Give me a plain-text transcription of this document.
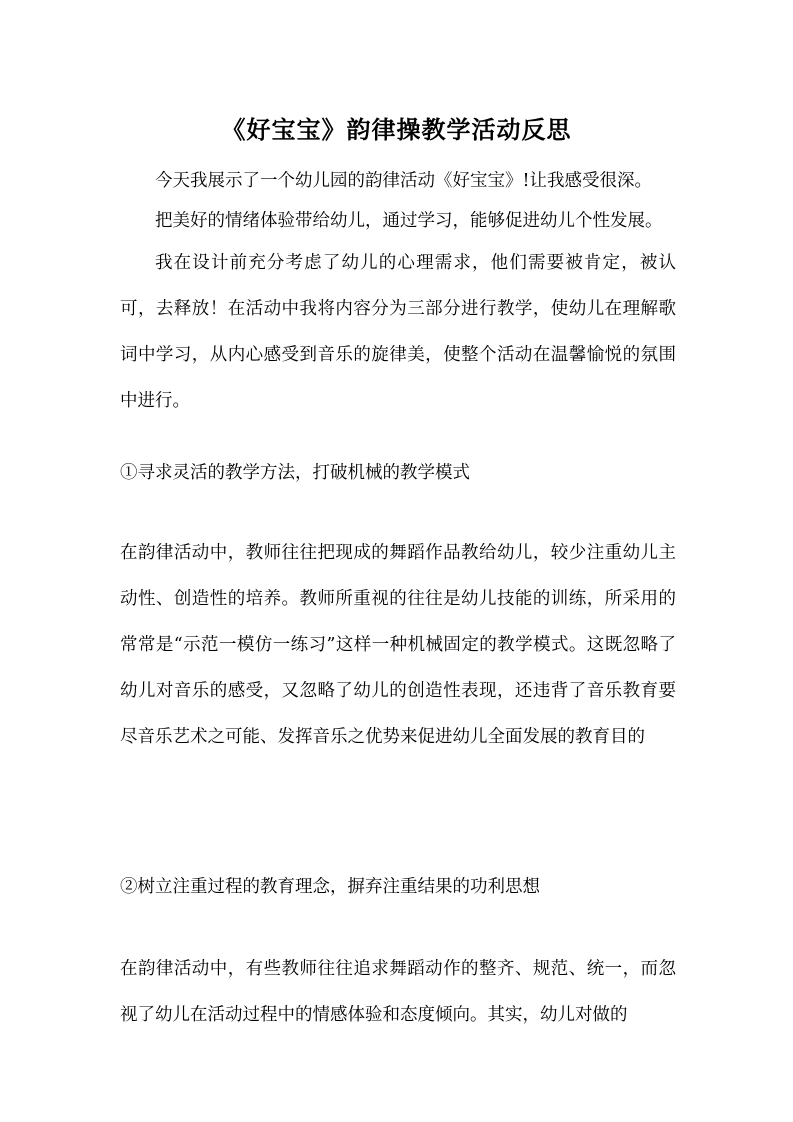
《好宝宝》韵律操教学活动反思
今天我展示了一个幼儿园的韵律活动《好宝宝》!让我感受很深。
把美好的情绪体验带给幼儿，通过学习，能够促进幼儿个性发展。
我在设计前充分考虑了幼儿的心理需求，他们需要被肯定，被认可，去释放！在活动中我将内容分为三部分进行教学，使幼儿在理解歌词中学习，从内心感受到音乐的旋律美，使整个活动在温馨愉悦的氛围中进行。
①寻求灵活的教学方法，打破机械的教学模式
在韵律活动中，教师往往把现成的舞蹈作品教给幼儿，较少注重幼儿主动性、创造性的培养。教师所重视的往往是幼儿技能的训练，所采用的常常是“示范一模仿一练习”这样一种机械固定的教学模式。这既忽略了幼儿对音乐的感受，又忽略了幼儿的创造性表现，还违背了音乐教育要尽音乐艺术之可能、发挥音乐之优势来促进幼儿全面发展的教育目的
②树立注重过程的教育理念，摒弃注重结果的功利思想
在韵律活动中，有些教师往往追求舞蹈动作的整齐、规范、统一，而忽视了幼儿在活动过程中的情感体验和态度倾向。其实，幼儿对做的
